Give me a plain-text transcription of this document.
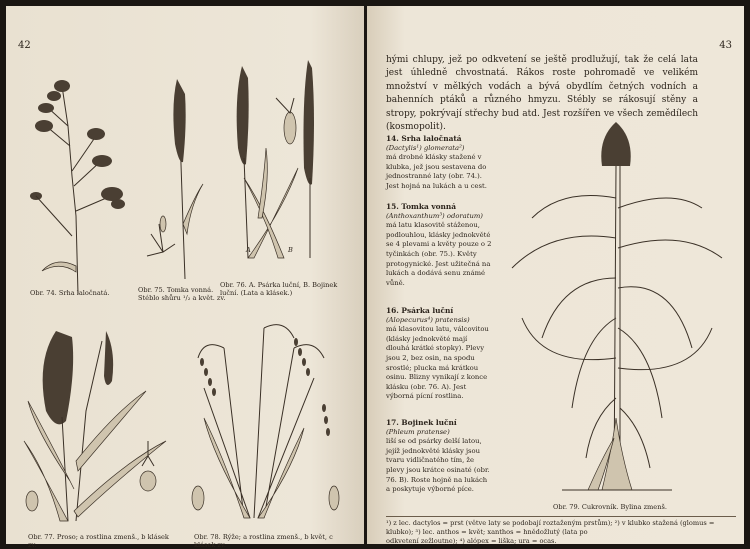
42
Obr. 74. Srha laločnatá.	Obr. 75. Tomka vonná. Stéblo shůru ¹/₂ a květ. zv.
A	B
Obr. 76. A. Psárka luční, B. Bojinek luční. (Lata a klásek.)
Obr. 77. Proso; a rostlina zmenš., b klásek zv.
Obr. 78. Rýže; a rostlina zmenš., b květ, c klásek zv.
43
hými chlupy, jež po odkvetení se ještě prodlužují, tak že celá lata jest úhledně chvostnatá. Rákos roste pohromadě ve velikém množství v mělkých vodách a bývá obydlím četných vodních a bahenních ptáků a různého hmyzu. Stébly se rákosují stěny a stropy, pokrývají střechy bud atd. Jest rozšířen ve všech zemědílech (kosmopolit).
14. Srha laločnatá
(Dactylis¹) glomerata²)
má drobné klásky stažené v klubka, jež jsou sestavena do jednostranné laty (obr. 74.). Jest hojná na lukách a u cest.
15. Tomka vonná
(Anthoxanthum³) odoratum)
má latu klasovitě stáženou, podlouhlou, klásky jednokvěté se 4 plevami a květy pouze o 2 tyčinkách (obr. 75.). Květy protogynické. Jest užitečná na lukách a dodává senu známé vůně.
16. Psárka luční
(Alopecurus⁴) pratensis)
má klasovitou latu, válcovitou (klásky jednokvěté mají dlouhá krátké stopky). Plevy jsou 2, bez osin, na spodu srostlé; plucka má krátkou osinu. Blizny vynikají z konce klásku (obr. 76. A). Jest výborná pícní rostlina.
17. Bojinek luční
(Phleum pratense)
liší se od psárky delší latou, jejíž jednokvěté klásky jsou tvaru vidličnatého tím, že plevy jsou krátce osinaté (obr. 76. B). Roste hojně na lukách a poskytuje výborné píce.
Obr. 79. Cukrovník. Bylina zmenš.
¹) z lec. dactylos = prst (větve laty se podobají roztaženým prstům); ²) v klubko stažená (glomus = klubko); ³) lec. anthos = květ; xanthos = hnědožlutý (lata po
odkvetení zežloutne); ⁴) alópex = liška; ura = ocas.
